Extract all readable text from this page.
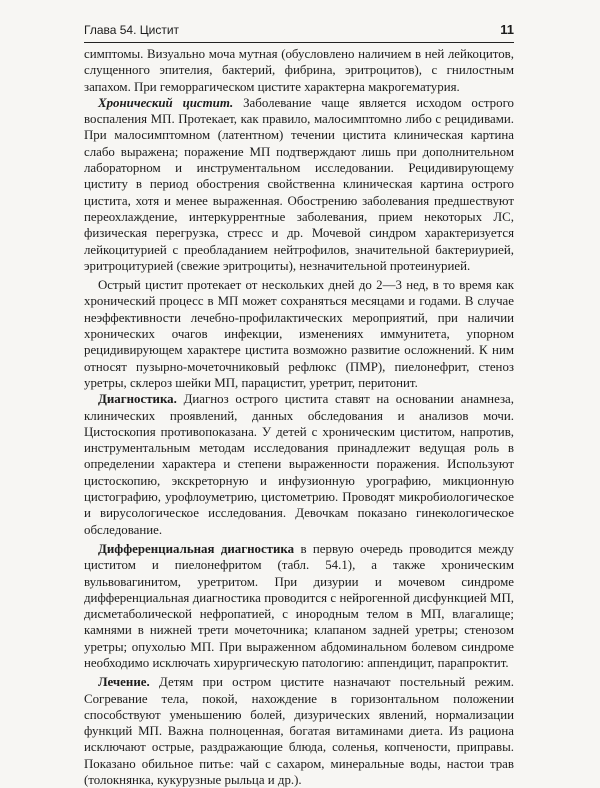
Глава 54. Цистит	11

симптомы. Визуально моча мутная (обусловлено наличием в ней лейкоцитов, слущенного эпителия, бактерий, фибрина, эритроцитов), с гнилостным запахом. При геморрагическом цистите характерна макрогематурия.

Хронический цистит. Заболевание чаще является исходом острого воспаления МП. Протекает, как правило, малосимптомно либо с рецидивами. При малосимптомном (латентном) течении цистита клиническая картина слабо выражена; поражение МП подтверждают лишь при дополнительном лабораторном и инструментальном исследовании. Рецидивирующему циститу в период обострения свойственна клиническая картина острого цистита, хотя и менее выраженная. Обострению заболевания предшествуют переохлаждение, интеркуррентные заболевания, прием некоторых ЛС, физическая перегрузка, стресс и др. Мочевой синдром характеризуется лейкоцитурией с преобладанием нейтрофилов, значительной бактериурией, эритроцитурией (свежие эритроциты), незначительной протеинурией.

Острый цистит протекает от нескольких дней до 2—3 нед, в то время как хронический процесс в МП может сохраняться месяцами и годами. В случае неэффективности лечебно-профилактических мероприятий, при наличии хронических очагов инфекции, изменениях иммунитета, упорном рецидивирующем характере цистита возможно развитие осложнений. К ним относят пузырно-мочеточниковый рефлюкс (ПМР), пиелонефрит, стеноз уретры, склероз шейки МП, парацистит, уретрит, перитонит.

Диагностика. Диагноз острого цистита ставят на основании анамнеза, клинических проявлений, данных обследования и анализов мочи. Цистоскопия противопоказана. У детей с хроническим циститом, напротив, инструментальным методам исследования принадлежит ведущая роль в определении характера и степени выраженности поражения. Используют цистоскопию, экскреторную и инфузионную урографию, микционную цистографию, урофлоуметрию, цистометрию. Проводят микробиологическое и вирусологическое исследования. Девочкам показано гинекологическое обследование.

Дифференциальная диагностика в первую очередь проводится между циститом и пиелонефритом (табл. 54.1), а также хроническим вульвовагинитом, уретритом. При дизурии и мочевом синдроме дифференциальная диагностика проводится с нейрогенной дисфункцией МП, дисметаболической нефропатией, с инородным телом в МП, влагалище; камнями в нижней трети мочеточника; клапаном задней уретры; стенозом уретры; опухолью МП. При выраженном абдоминальном болевом синдроме необходимо исключать хирургическую патологию: аппендицит, парапроктит.

Лечение. Детям при остром цистите назначают постельный режим. Согревание тела, покой, нахождение в горизонтальном положении способствуют уменьшению болей, дизурических явлений, нормализации функций МП. Важна полноценная, богатая витаминами диета. Из рациона исключают острые, раздражающие блюда, соленья, копчености, приправы. Показано обильное питье: чай с сахаром, минеральные воды, настои трав (толокнянка, кукурузные рыльца и др.).
